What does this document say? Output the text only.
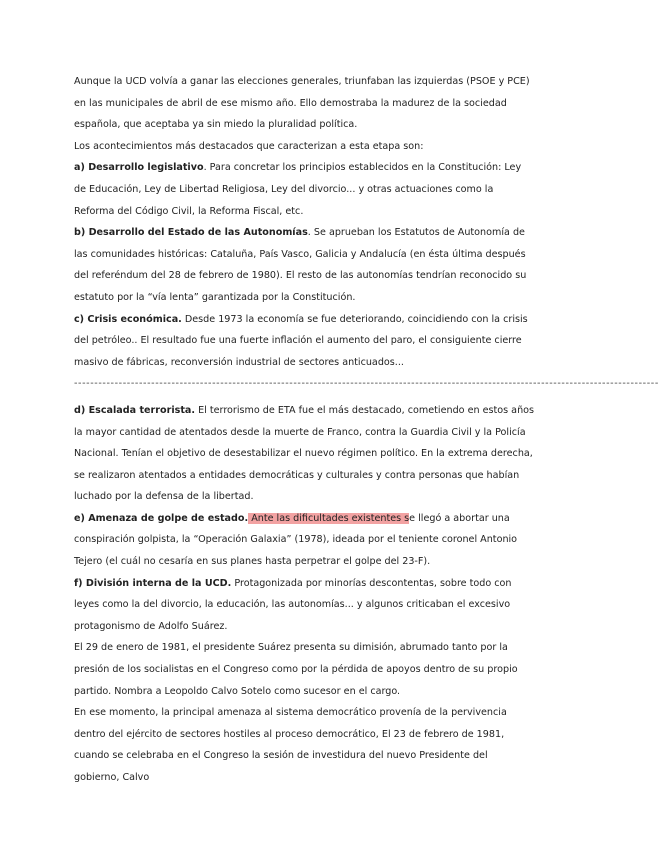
Aunque la UCD volvía a ganar las elecciones generales, triunfaban las izquierdas (PSOE y PCE) en las municipales de abril de ese mismo año. Ello demostraba la madurez de la sociedad española, que aceptaba ya sin miedo la pluralidad política.

Los acontecimientos más destacados que caracterizan a esta etapa son:

a) Desarrollo legislativo. Para concretar los principios establecidos en la Constitución: Ley de Educación, Ley de Libertad Religiosa, Ley del divorcio... y otras actuaciones como la Reforma del Código Civil, la Reforma Fiscal, etc.

b) Desarrollo del Estado de las Autonomías. Se aprueban los Estatutos de Autonomía de las comunidades históricas: Cataluña, País Vasco, Galicia y Andalucía (en ésta última después del referéndum del 28 de febrero de 1980). El resto de las autonomías tendrían reconocido su estatuto por la “vía lenta” garantizada por la Constitución.

c) Crisis económica. Desde 1973 la economía se fue deteriorando, coincidiendo con la crisis del petróleo.. El resultado fue una fuerte inflación el aumento del paro, el consiguiente cierre masivo de fábricas, reconversión industrial de sectores anticuados...

------------------------------------------------------------------------------------------------------------------------------------------------

d) Escalada terrorista. El terrorismo de ETA fue el más destacado, cometiendo en estos años la mayor cantidad de atentados desde la muerte de Franco, contra la Guardia Civil y la Policía Nacional. Tenían el objetivo de desestabilizar el nuevo régimen político. En la extrema derecha, se realizaron atentados a entidades democráticas y culturales y contra personas que habían luchado por la defensa de la libertad.

e) Amenaza de golpe de estado. Ante las dificultades existentes se llegó a abortar una conspiración golpista, la “Operación Galaxia” (1978), ideada por el teniente coronel Antonio Tejero (el cuál no cesaría en sus planes hasta perpetrar el golpe del 23-F).

f) División interna de la UCD. Protagonizada por minorías descontentas, sobre todo con leyes como la del divorcio, la educación, las autonomías... y algunos criticaban el excesivo protagonismo de Adolfo Suárez.

El 29 de enero de 1981, el presidente Suárez presenta su dimisión, abrumado tanto por la presión de los socialistas en el Congreso como por la pérdida de apoyos dentro de su propio partido. Nombra a Leopoldo Calvo Sotelo como sucesor en el cargo.

En ese momento, la principal amenaza al sistema democrático provenía de la pervivencia dentro del ejército de sectores hostiles al proceso democrático, El 23 de febrero de 1981, cuando se celebraba en el Congreso la sesión de investidura del nuevo Presidente del gobierno, Calvo
